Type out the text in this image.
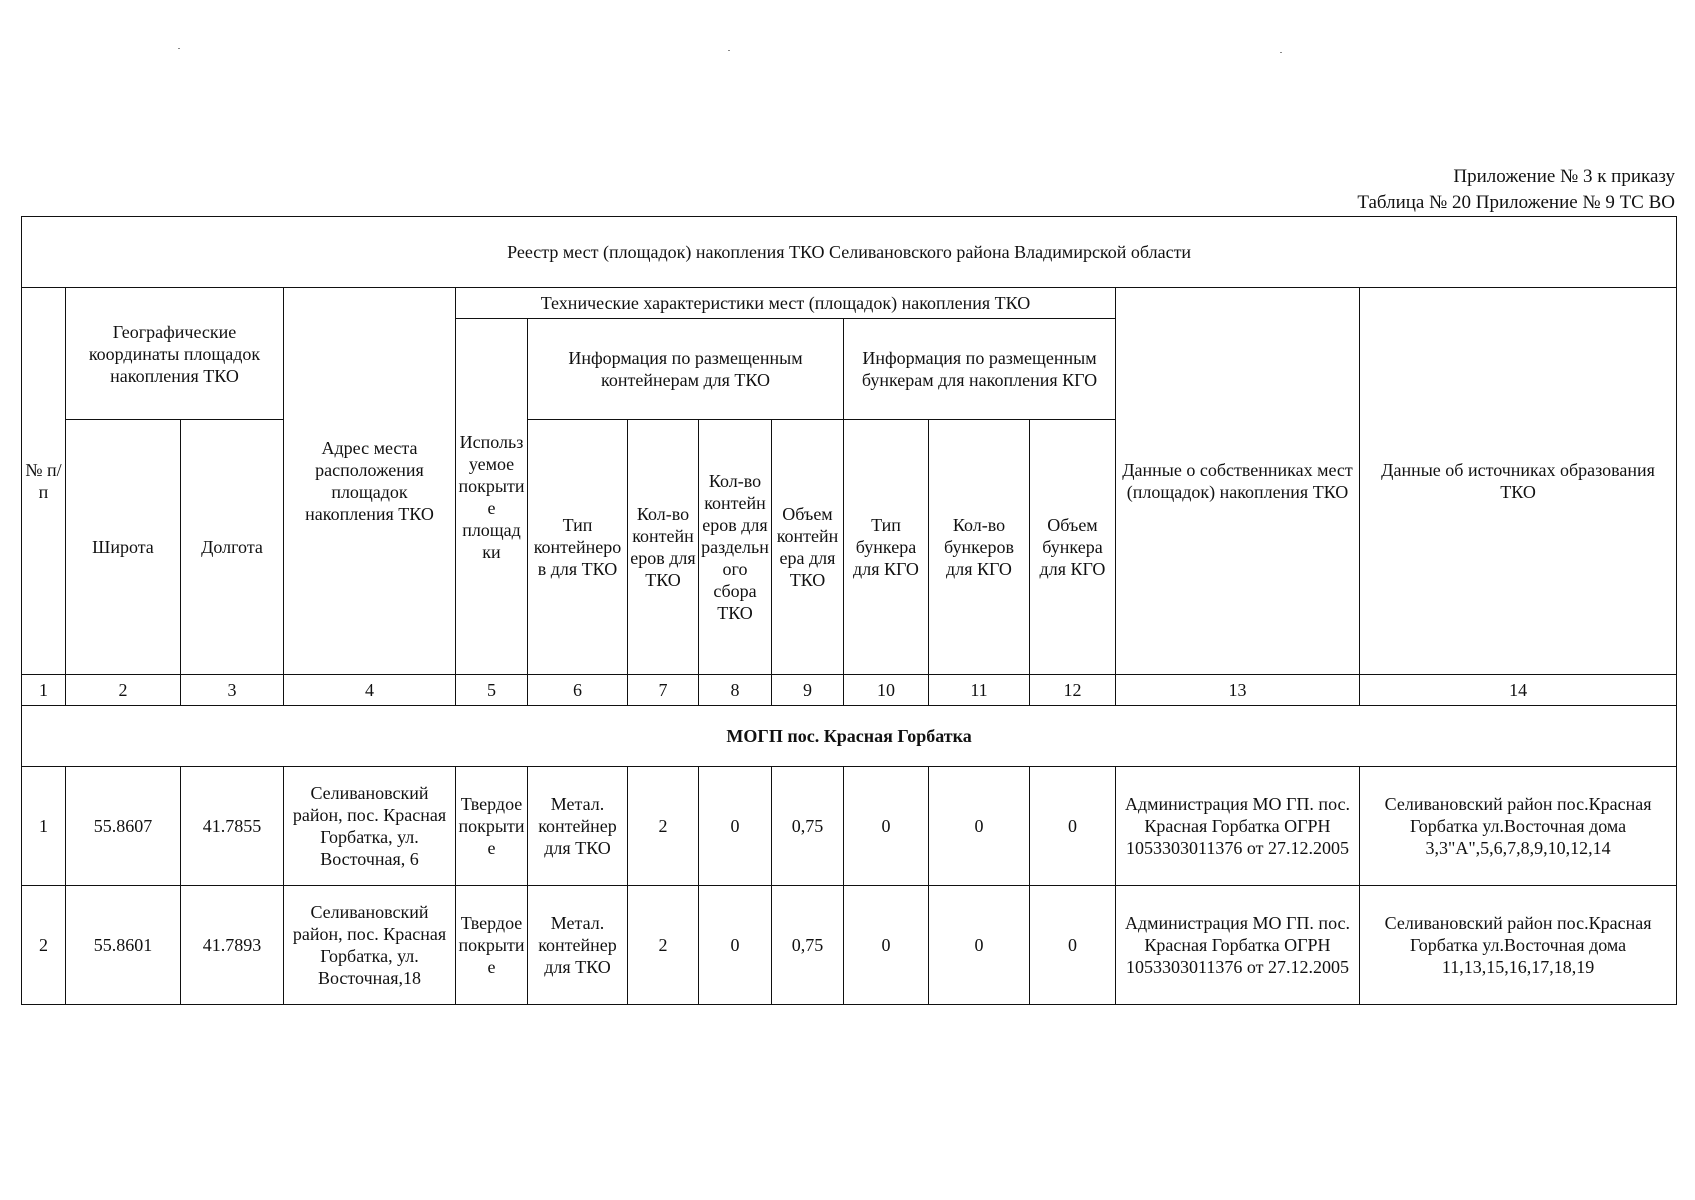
Приложение № 3 к приказу
Таблица № 20 Приложение № 9 ТС ВО
Реестр мест (площадок) накопления ТКО Селивановского района Владимирской области													
№ п/п	Географические координаты площадок накопления ТКО		Адрес места расположения площадок накопления ТКО	Технические характеристики мест (площадок) накопления ТКО								Данные о собственниках мест (площадок) накопления ТКО	Данные об источниках образования ТКО
				Используемое покрытие площадки	Информация по размещенным контейнерам для ТКО				Информация по размещенным бункерам для накопления КГО				
	Широта	Долгота			Тип контейнеров для ТКО	Кол-во контейнеров для ТКО	Кол-во контейнеров для раздельного сбора ТКО	Объем контейнера для ТКО	Тип бункера для КГО	Кол-во бункеров для КГО	Объем бункера для КГО		
1	2	3	4	5	6	7	8	9	10	11	12	13	14
МОГП пос. Красная Горбатка													
1	55.8607	41.7855	Селивановский район, пос. Красная Горбатка, ул. Восточная, 6	Твердое покрытие	Метал. контейнер для ТКО	2	0	0,75	0	0	0	Администрация МО ГП. пос. Красная Горбатка ОГРН 1053303011376 от 27.12.2005	Селивановский район пос.Красная Горбатка ул.Восточная дома 3,3"А",5,6,7,8,9,10,12,14
2	55.8601	41.7893	Селивановский район, пос. Красная Горбатка, ул. Восточная,18	Твердое покрытие	Метал. контейнер для ТКО	2	0	0,75	0	0	0	Администрация МО ГП. пос. Красная Горбатка ОГРН 1053303011376 от 27.12.2005	Селивановский район пос.Красная Горбатка ул.Восточная дома 11,13,15,16,17,18,19
